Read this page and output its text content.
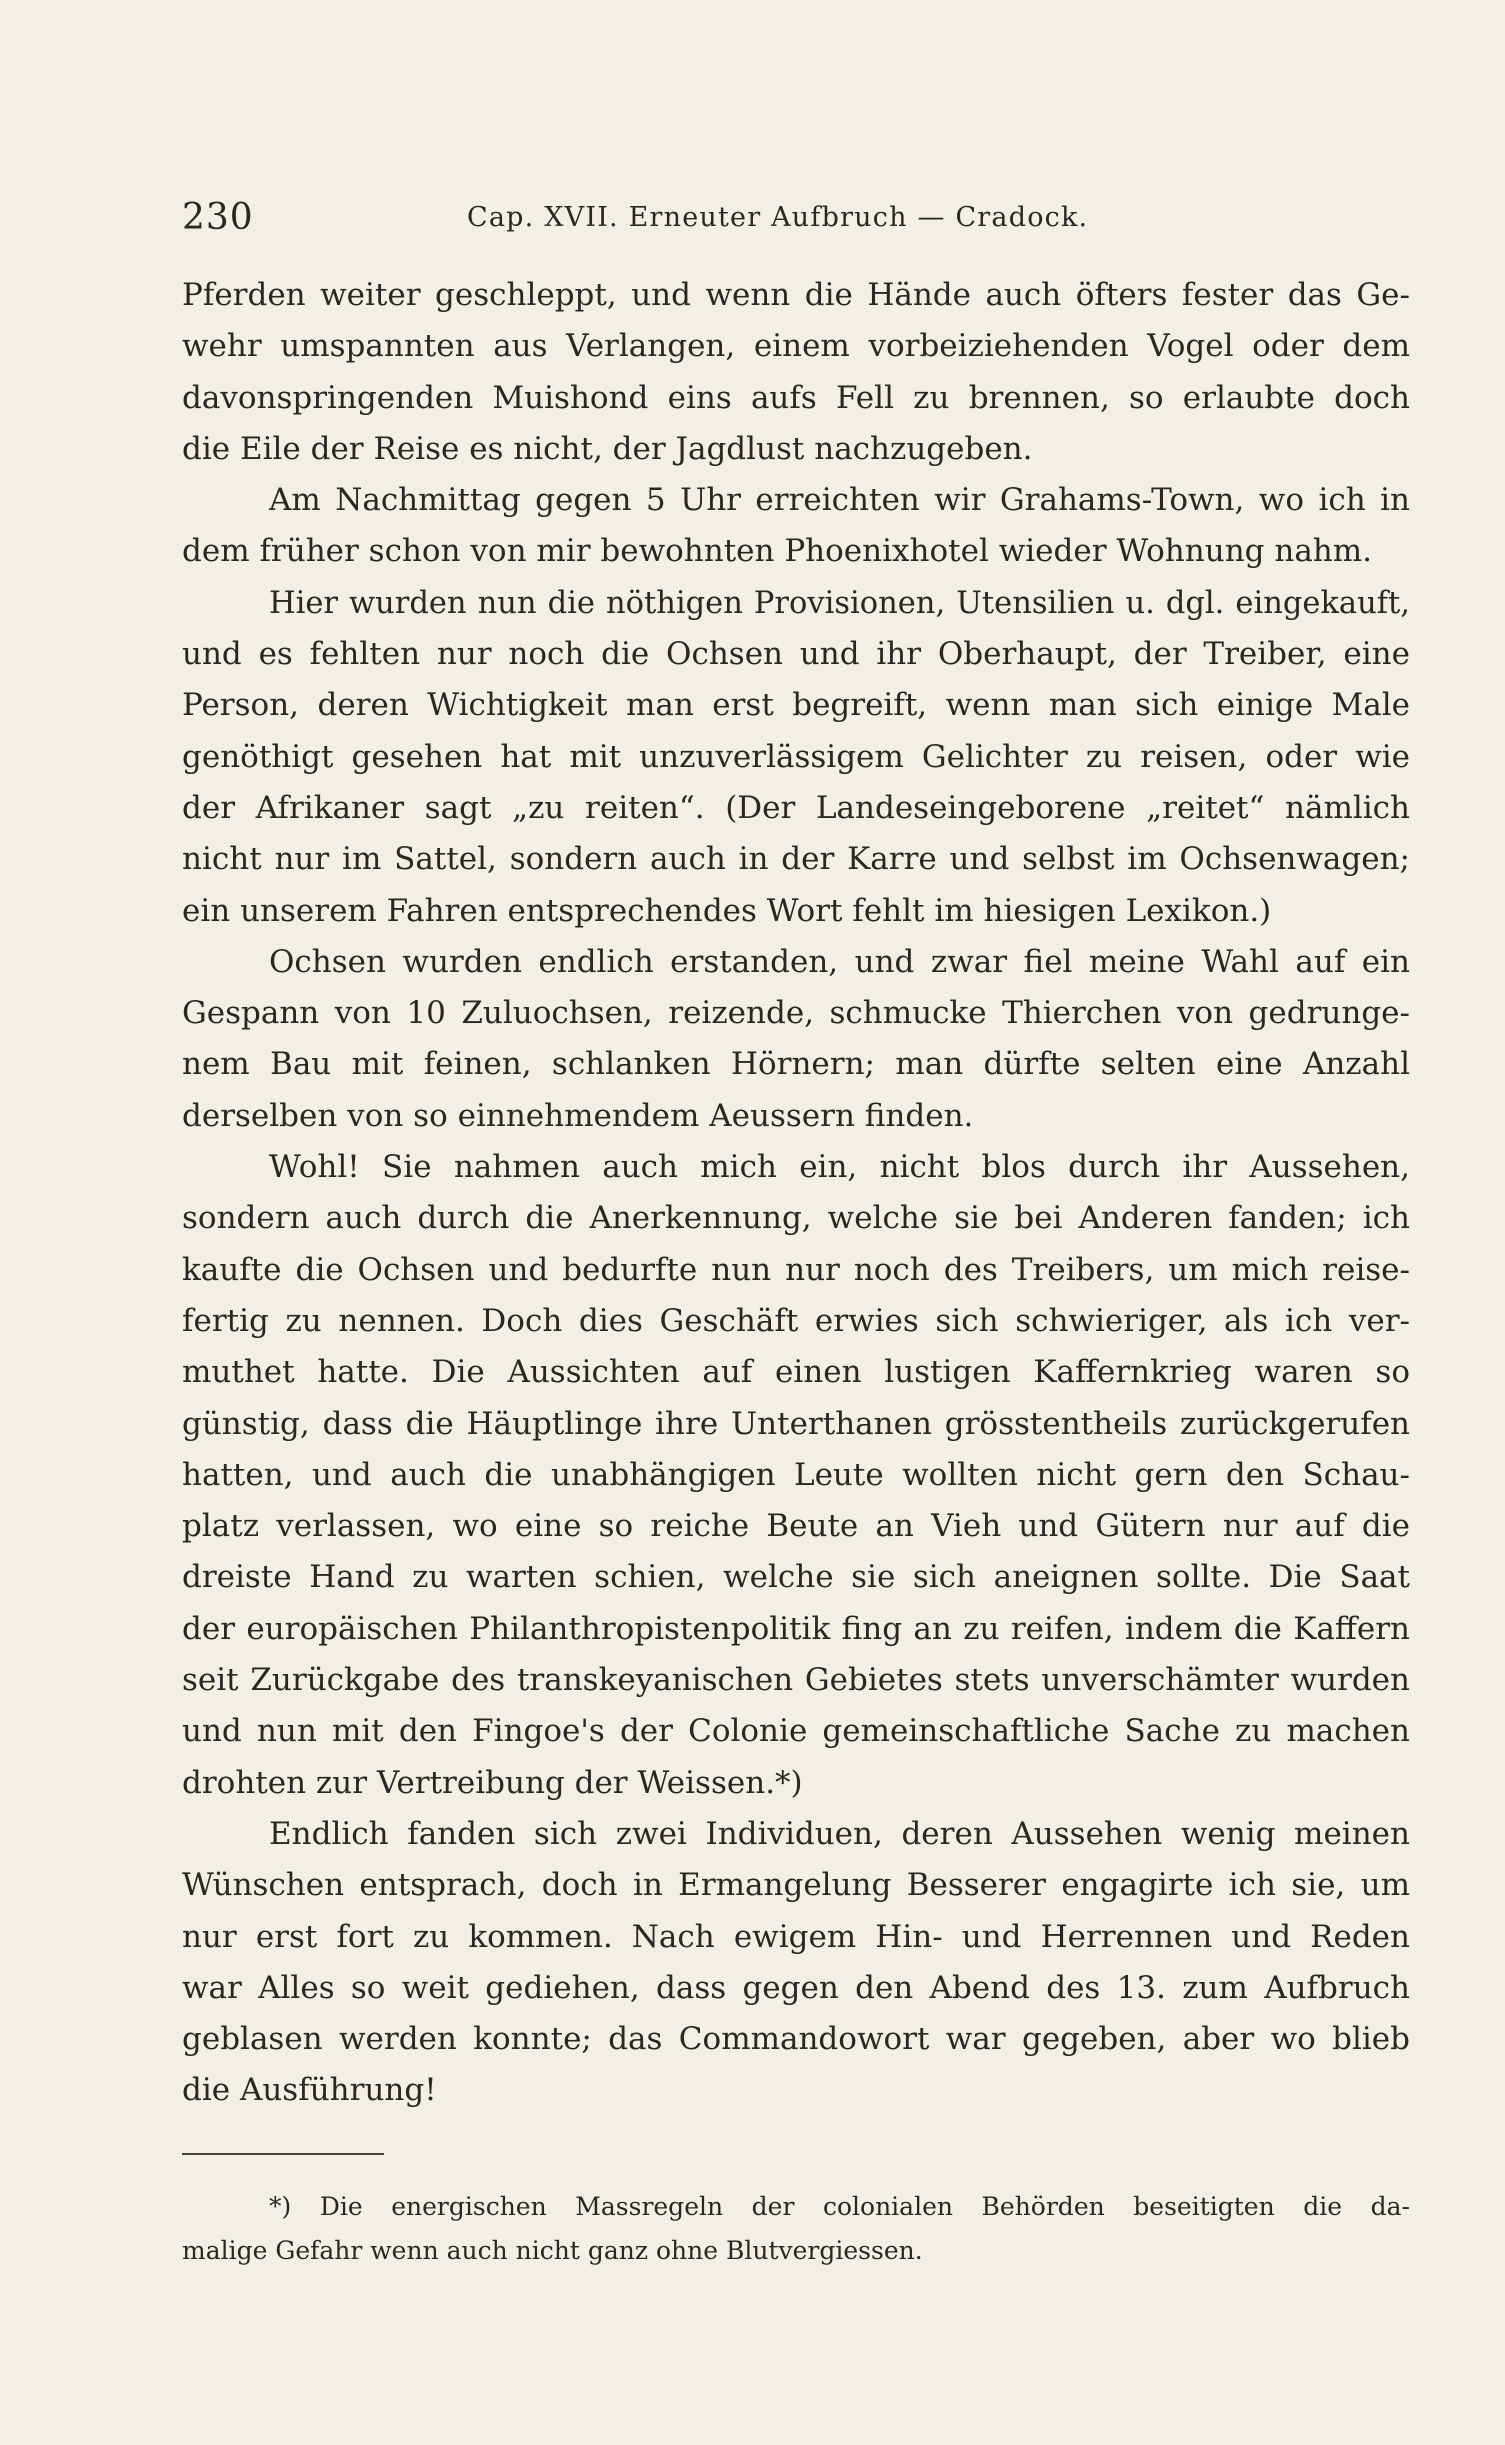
230	Cap. XVII. Erneuter Aufbruch — Cradock.
Pferden weiter geschleppt, und wenn die Hände auch öfters fester das Ge-
wehr umspannten aus Verlangen, einem vorbeiziehenden Vogel oder dem
davonspringenden Muishond eins aufs Fell zu brennen, so erlaubte doch
die Eile der Reise es nicht, der Jagdlust nachzugeben.
Am Nachmittag gegen 5 Uhr erreichten wir Grahams-Town, wo ich in
dem früher schon von mir bewohnten Phoenixhotel wieder Wohnung nahm.
Hier wurden nun die nöthigen Provisionen, Utensilien u. dgl. eingekauft,
und es fehlten nur noch die Ochsen und ihr Oberhaupt, der Treiber, eine
Person, deren Wichtigkeit man erst begreift, wenn man sich einige Male
genöthigt gesehen hat mit unzuverlässigem Gelichter zu reisen, oder wie
der Afrikaner sagt „zu reiten“. (Der Landeseingeborene „reitet“ nämlich
nicht nur im Sattel, sondern auch in der Karre und selbst im Ochsenwagen;
ein unserem Fahren entsprechendes Wort fehlt im hiesigen Lexikon.)
Ochsen wurden endlich erstanden, und zwar fiel meine Wahl auf ein
Gespann von 10 Zuluochsen, reizende, schmucke Thierchen von gedrunge-
nem Bau mit feinen, schlanken Hörnern; man dürfte selten eine Anzahl
derselben von so einnehmendem Aeussern finden.
Wohl! Sie nahmen auch mich ein, nicht blos durch ihr Aussehen,
sondern auch durch die Anerkennung, welche sie bei Anderen fanden; ich
kaufte die Ochsen und bedurfte nun nur noch des Treibers, um mich reise-
fertig zu nennen. Doch dies Geschäft erwies sich schwieriger, als ich ver-
muthet hatte. Die Aussichten auf einen lustigen Kaffernkrieg waren so
günstig, dass die Häuptlinge ihre Unterthanen grösstentheils zurückgerufen
hatten, und auch die unabhängigen Leute wollten nicht gern den Schau-
platz verlassen, wo eine so reiche Beute an Vieh und Gütern nur auf die
dreiste Hand zu warten schien, welche sie sich aneignen sollte. Die Saat
der europäischen Philanthropistenpolitik fing an zu reifen, indem die Kaffern
seit Zurückgabe des transkeyanischen Gebietes stets unverschämter wurden
und nun mit den Fingoe's der Colonie gemeinschaftliche Sache zu machen
drohten zur Vertreibung der Weissen.*)
Endlich fanden sich zwei Individuen, deren Aussehen wenig meinen
Wünschen entsprach, doch in Ermangelung Besserer engagirte ich sie, um
nur erst fort zu kommen. Nach ewigem Hin- und Herrennen und Reden
war Alles so weit gediehen, dass gegen den Abend des 13. zum Aufbruch
geblasen werden konnte; das Commandowort war gegeben, aber wo blieb
die Ausführung!
*) Die energischen Massregeln der colonialen Behörden beseitigten die da-
malige Gefahr wenn auch nicht ganz ohne Blutvergiessen.
